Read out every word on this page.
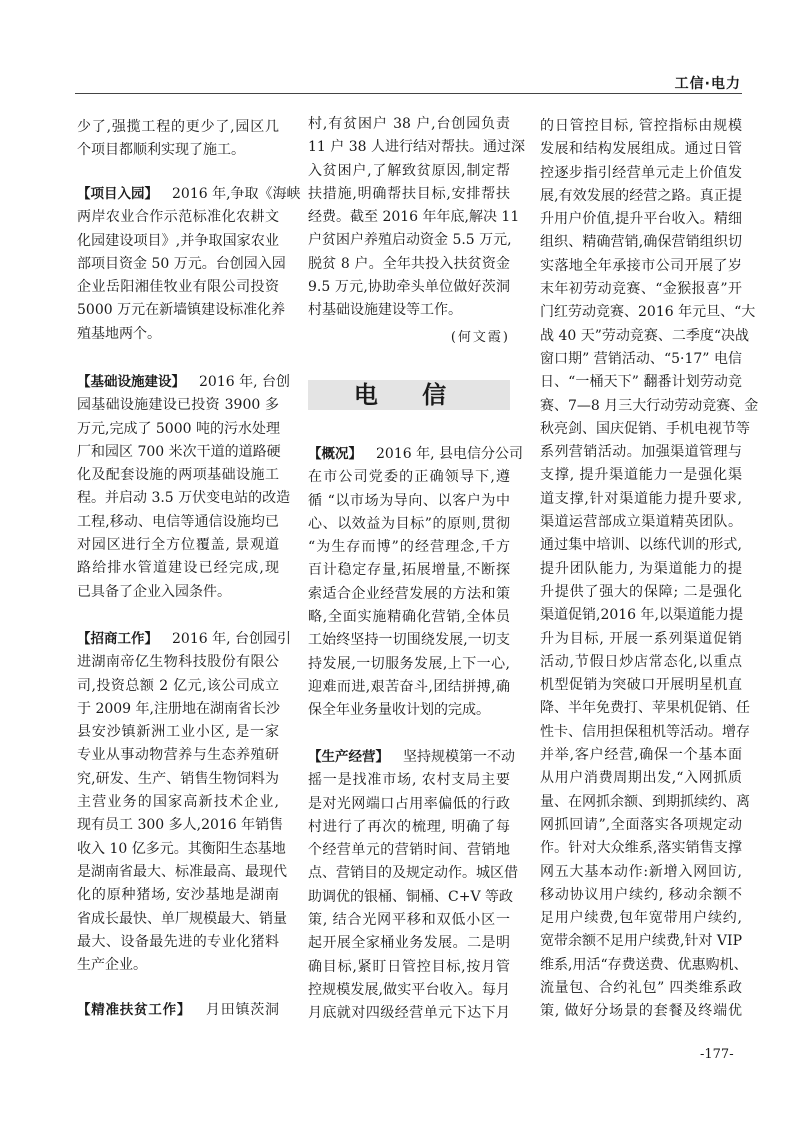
工信·电力
少了,强揽工程的更少了,园区几
个项目都顺利实现了施工。
【项目入园】 2016 年,争取《海峡
两岸农业合作示范标准化农耕文
化园建设项目》,并争取国家农业
部项目资金 50 万元。台创园入园
企业岳阳湘佳牧业有限公司投资
5000 万元在新墙镇建设标准化养
殖基地两个。
【基础设施建设】 2016 年, 台创
园基础设施建设已投资 3900 多
万元,完成了 5000 吨的污水处理
厂和园区 700 米次干道的道路硬
化及配套设施的两项基础设施工
程。并启动 3.5 万伏变电站的改造
工程,移动、电信等通信设施均已
对园区进行全方位覆盖, 景观道
路给排水管道建设已经完成,现
已具备了企业入园条件。
【招商工作】 2016 年, 台创园引
进湖南帝亿生物科技股份有限公
司,投资总额 2 亿元,该公司成立
于 2009 年,注册地在湖南省长沙
县安沙镇新洲工业小区, 是一家
专业从事动物营养与生态养殖研
究,研发、生产、销售生物饲料为
主营业务的国家高新技术企业,
现有员工 300 多人,2016 年销售
收入 10 亿多元。其衡阳生态基地
是湖南省最大、标准最高、最现代
化的原种猪场, 安沙基地是湖南
省成长最快、单厂规模最大、销量
最大、设备最先进的专业化猪料
生产企业。
【精准扶贫工作】 月田镇茨洞
(何文霞)
村,有贫困户 38 户,台创园负责
11 户 38 人进行结对帮扶。通过深
入贫困户,了解致贫原因,制定帮
扶措施,明确帮扶目标,安排帮扶
经费。截至 2016 年年底,解决 11
户贫困户养殖启动资金 5.5 万元,
脱贫 8 户。全年共投入扶贫资金
9.5 万元,协助牵头单位做好茨洞
村基础设施建设等工作。
【概况】 2016 年, 县电信分公司
在市公司党委的正确领导下,遵
循 “以市场为导向、以客户为中
心、以效益为目标”的原则,贯彻
“为生存而博”的经营理念,千方
百计稳定存量,拓展增量,不断探
索适合企业经营发展的方法和策
略,全面实施精确化营销,全体员
工始终坚持一切围绕发展,一切支
持发展,一切服务发展,上下一心,
迎难而进,艰苦奋斗,团结拼搏,确
保全年业务量收计划的完成。
【生产经营】 坚持规模第一不动
摇一是找准市场, 农村支局主要
是对光网端口占用率偏低的行政
村进行了再次的梳理, 明确了每
个经营单元的营销时间、营销地
点、营销目的及规定动作。城区借
助调优的银桶、铜桶、C+V 等政
策, 结合光网平移和双低小区一
起开展全家桶业务发展。二是明
确目标,紧盯日管控目标,按月管
控规模发展,做实平台收入。每月
月底就对四级经营单元下达下月
电 信
的日管控目标, 管控指标由规模
发展和结构发展组成。通过日管
控逐步指引经营单元走上价值发
展,有效发展的经营之路。真正提
升用户价值,提升平台收入。精细
组织、精确营销,确保营销组织切
实落地全年承接市公司开展了岁
末年初劳动竞赛、“金猴报喜”开
门红劳动竞赛、2016 年元旦、“大
战 40 天”劳动竞赛、二季度“决战
窗口期” 营销活动、“5·17” 电信
日、“一桶天下” 翻番计划劳动竞
赛、7—8 月三大行动劳动竞赛、金
秋亮剑、国庆促销、手机电视节等
系列营销活动。加强渠道管理与
支撑, 提升渠道能力一是强化渠
道支撑,针对渠道能力提升要求,
渠道运营部成立渠道精英团队。
通过集中培训、以练代训的形式,
提升团队能力, 为渠道能力的提
升提供了强大的保障; 二是强化
渠道促销,2016 年,以渠道能力提
升为目标, 开展一系列渠道促销
活动,节假日炒店常态化,以重点
机型促销为突破口开展明星机直
降、半年免费打、苹果机促销、任
性卡、信用担保租机等活动。增存
并举,客户经营,确保一个基本面
从用户消费周期出发,“入网抓质
量、在网抓余额、到期抓续约、离
网抓回请”,全面落实各项规定动
作。针对大众维系,落实销售支撑
网五大基本动作:新增入网回访,
移动协议用户续约, 移动余额不
足用户续费,包年宽带用户续约,
宽带余额不足用户续费,针对 VIP
维系,用活“存费送费、优惠购机、
流量包、合约礼包” 四类维系政
策, 做好分场景的套餐及终端优
-177-
